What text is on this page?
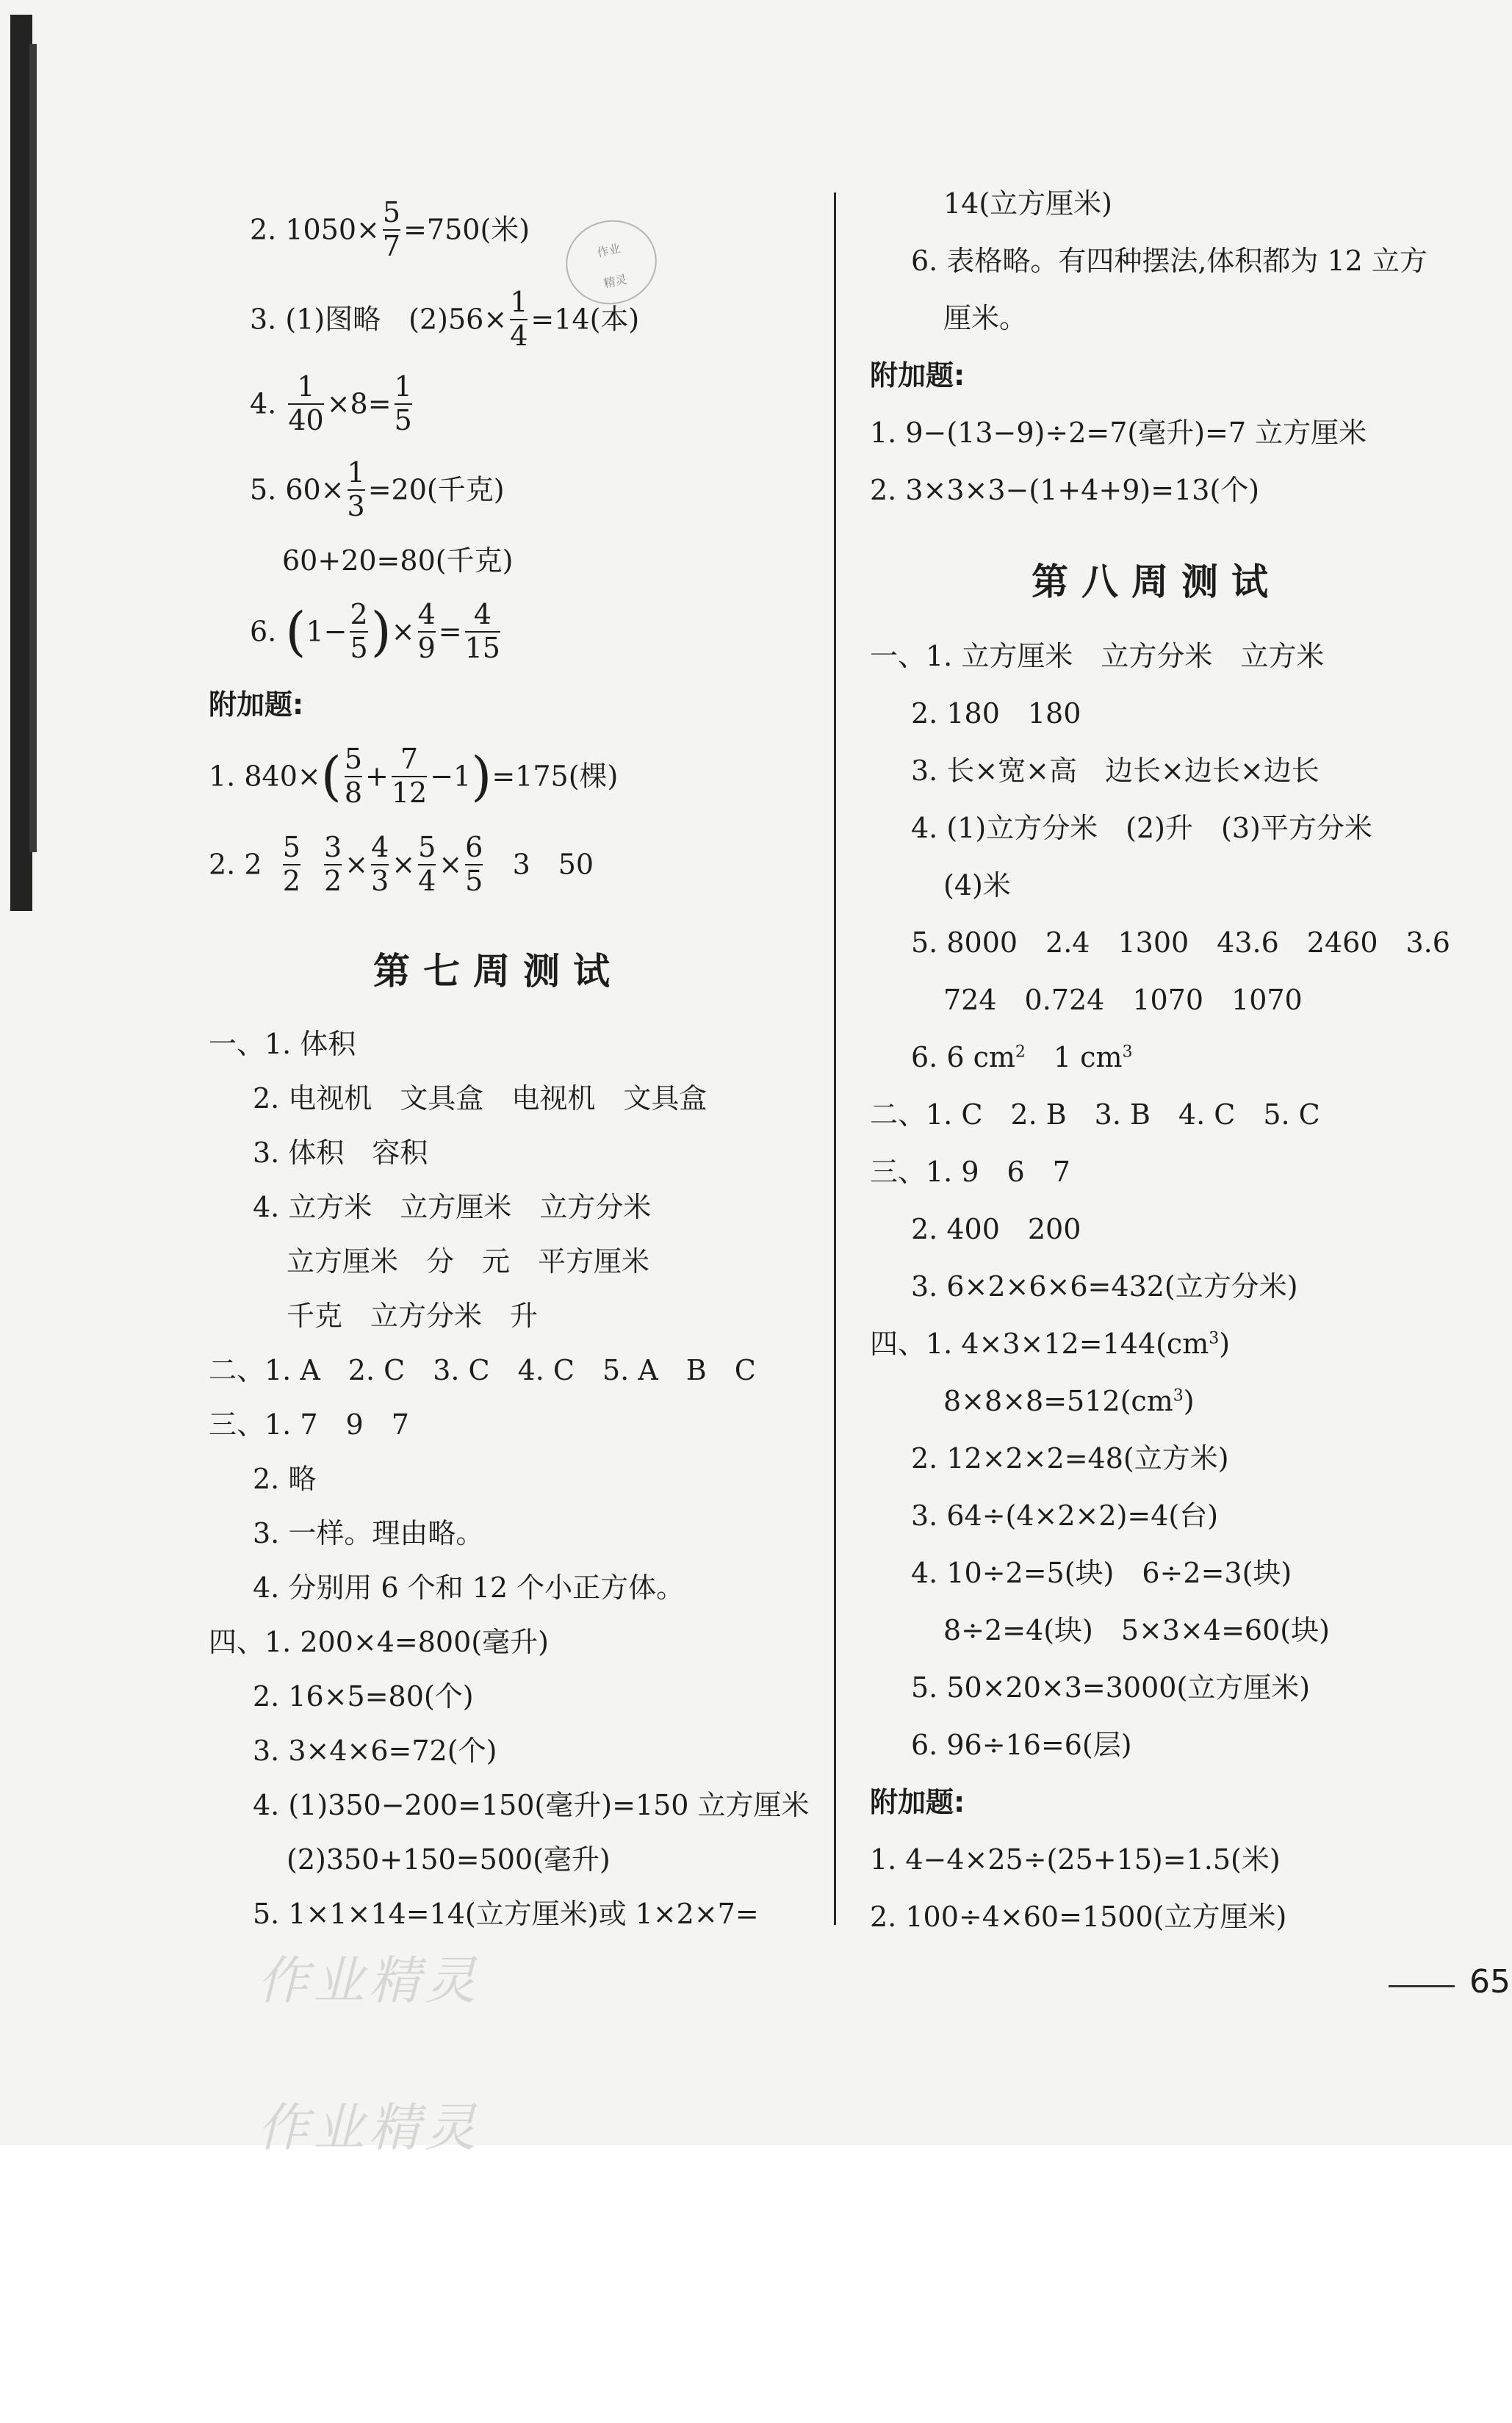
2. $1050\times \frac{5}{7} =750$(米)
作业
精灵
3. (1)图略　$(2)56\times \frac{1}{4} =14$(本)
4. $\frac{1}{40} \times 8= \frac{1}{5}$
5. $60\times \frac{1}{3} =20$(千克)
60+20=80(千克)
6. ($1- \frac{2}{5}$ )× $\frac{4}{9} = \frac{4}{15}$
附加题:
1. $840\times( \frac{5}{8} + \frac{7}{12} -1)=175$(棵)
2. $2 \frac{5}{2}$
$\frac{3}{2} \times \frac{4}{3} \times \frac{5}{4} \times \frac{6}{5} 3$　50
第七周测试
一、1. 体积
2. 电视机　文具盒　电视机　文具盒
3. 体积　容积
4. 立方米　立方厘米　立方分米
立方厘米　分　元　平方厘米
千克　立方分米　升
二、1. A　2. C　3. C　4. C　5. A　B　C
三、1. 7　9　7
2. 略
3. 一样。理由略。
4. 分别用 6 个和 12 个小正方体。
四、1. 200×4=800(毫升)
2. 16×5=80(个)
3. 3×4×6=72(个)
4. (1)350−200=150(毫升)=150 立方厘米
(2)350+150=500(毫升)
5. 1×1×14=14(立方厘米)或 1×2×7=
14(立方厘米)
6. 表格略。有四种摆法,体积都为 12 立方
厘米。
附加题:
1. 9−(13−9)÷2=7(毫升)=7 立方厘米
2. 3×3×3−(1+4+9)=13(个)
第八周测试
一、1. 立方厘米　立方分米　立方米
2. 180　180
3. 长×宽×高　边长×边长×边长
4. (1)立方分米　(2)升　(3)平方分米
(4)米
5. 8000　2.4　1300　43.6　2460　3.6
724　0.724　1070　1070
6. 6 $cm^2$　1 $cm^3$
二、1. C　2. B　3. B　4. C　5. C
三、1. 9　6　7
2. 400　200
3. 6×2×6×6=432(立方分米)
四、1. $4\times 3\times 12=144(cm^3)$
$8\times 8\times 8=512(cm^3)$
2. 12×2×2=48(立方米)
3. 64÷(4×2×2)=4(台)
4. 10÷2=5(块)　6÷2=3(块)
8÷2=4(块)　5×3×4=60(块)
5. 50×20×3=3000(立方厘米)
6. 96÷16=6(层)
附加题:
1. 4−4×25÷(25+15)=1.5(米)
2. 100÷4×60=1500(立方厘米)
作业精灵
作业精灵
65
